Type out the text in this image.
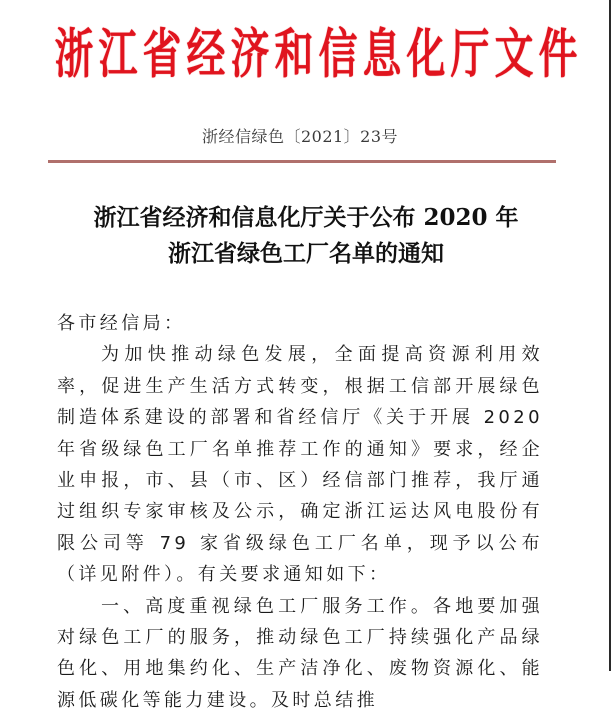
浙 江 省 经 济 和 信 息 化 厅 文 件
浙经信绿色〔2021〕23号
浙江省经济和信息化厅关于公布 2020 年
浙江省绿色工厂名单的通知

各市经信局：

为加快推动绿色发展，全面提高资源利用效率，促进生产生活方式转变，根据工信部开展绿色制造体系建设的部署和省经信厅《关于开展 2020 年省级绿色工厂名单推荐工作的通知》要求，经企业申报，市、县（市、区）经信部门推荐，我厅通过组织专家审核及公示，确定浙江运达风电股份有限公司等 79 家省级绿色工厂名单，现予以公布（详见附件）。有关要求通知如下：

一、高度重视绿色工厂服务工作。各地要加强对绿色工厂的服务，推动绿色工厂持续强化产品绿色化、用地集约化、生产洁净化、废物资源化、能源低碳化等能力建设。及时总结推
